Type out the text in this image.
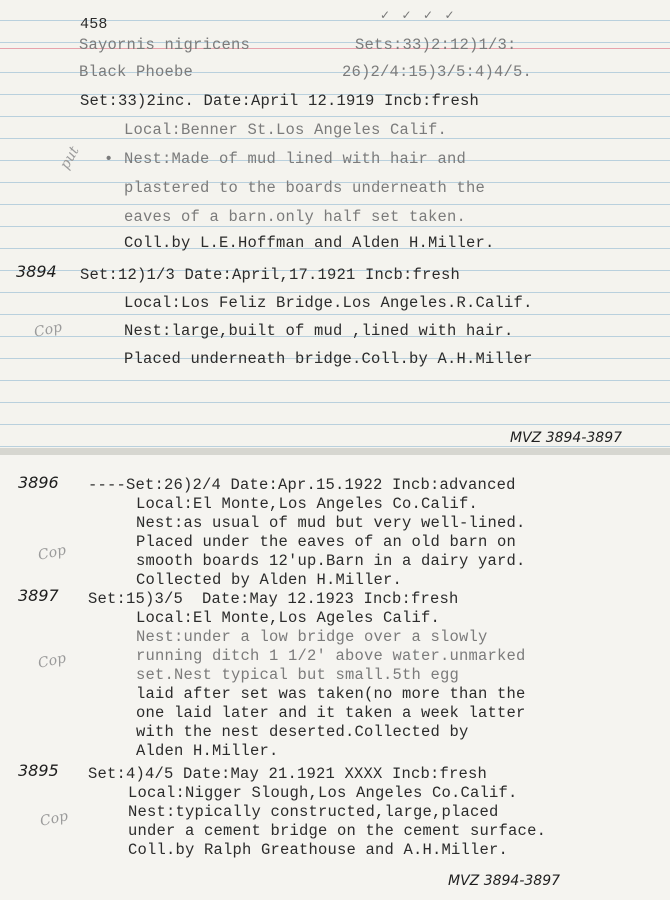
458
Sayornis nigricens
Black Phoebe
Sets:33)2:12)1/3:
26)2/4:15)3/5:4)4/5.
✓   ✓   ✓   ✓
Set:33)2inc. Date:April 12.1919 Incb:fresh
Local:Benner St.Los Angeles Calif.
put • Nest:Made of mud lined with hair and
plastered to the boards underneath the
eaves of a barn.only half set taken.
Coll.by L.E.Hoffman and Alden H.Miller.
3894 Set:12)1/3 Date:April,17.1921 Incb:fresh
Local:Los Feliz Bridge.Los Angeles.R.Calif.
Cop	Nest:large,built of mud ,lined with hair.
Placed underneath bridge.Coll.by A.H.Miller
MVZ 3894-3897
3896 ----Set:26)2/4 Date:Apr.15.1922 Incb:advanced
Local:El Monte,Los Angeles Co.Calif.
Nest:as usual of mud but very well-lined.
Placed under the eaves of an old barn on
Cop	smooth boards 12'up.Barn in a dairy yard.
Collected by Alden H.Miller.
3897 Set:15)3/5  Date:May 12.1923 Incb:fresh
Local:El Monte,Los Ageles Calif.
Nest:under a low bridge over a slowly
Cop	running ditch 1 1/2' above water.unmarked
set.Nest typical but small.5th egg
laid after set was taken(no more than the
one laid later and it taken a week latter
with the nest deserted.Collected by
Alden H.Miller.
3895 Set:4)4/5 Date:May 21.1921 XXXX Incb:fresh
Local:Nigger Slough,Los Angeles Co.Calif.
Cop	Nest:typically constructed,large,placed
under a cement bridge on the cement surface.
Coll.by Ralph Greathouse and A.H.Miller.
MVZ 3894-3897
